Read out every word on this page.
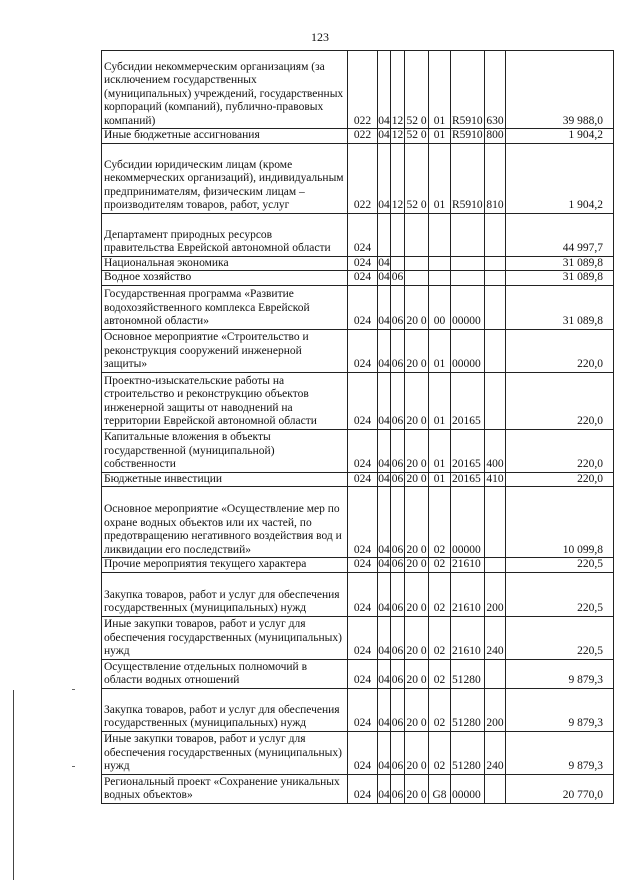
123
Субсидии некоммерческим организациям (за исключением государственных (муниципальных) учреждений, государственных корпораций (компаний), публично-правовых компаний)	022	04	12	52 0	01	R5910	630	39 988,0
Иные бюджетные ассигнования	022	04	12	52 0	01	R5910	800	1 904,2
Субсидии юридическим лицам (кроме некоммерческих организаций), индивидуальным предпринимателям, физическим лицам – производителям товаров, работ, услуг	022	04	12	52 0	01	R5910	810	1 904,2
Департамент природных ресурсов правительства Еврейской автономной области	024							44 997,7
Национальная экономика	024	04						31 089,8
Водное хозяйство	024	04	06					31 089,8
Государственная программа «Развитие водохозяйственного комплекса Еврейской автономной области»	024	04	06	20 0	00	00000		31 089,8
Основное мероприятие «Строительство и реконструкция сооружений инженерной защиты»	024	04	06	20 0	01	00000		220,0
Проектно-изыскательские работы на строительство и реконструкцию объектов инженерной защиты от наводнений на территории Еврейской автономной области	024	04	06	20 0	01	20165		220,0
Капитальные вложения в объекты государственной (муниципальной) собственности	024	04	06	20 0	01	20165	400	220,0
Бюджетные инвестиции	024	04	06	20 0	01	20165	410	220,0
Основное мероприятие «Осуществление мер по охране водных объектов или их частей, по предотвращению негативного воздействия вод и ликвидации его последствий»	024	04	06	20 0	02	00000		10 099,8
Прочие мероприятия текущего характера	024	04	06	20 0	02	21610		220,5
Закупка товаров, работ и услуг для обеспечения государственных (муниципальных) нужд	024	04	06	20 0	02	21610	200	220,5
Иные закупки товаров, работ и услуг для обеспечения государственных (муниципальных) нужд	024	04	06	20 0	02	21610	240	220,5
Осуществление отдельных полномочий в области водных отношений	024	04	06	20 0	02	51280		9 879,3
Закупка товаров, работ и услуг для обеспечения государственных (муниципальных) нужд	024	04	06	20 0	02	51280	200	9 879,3
Иные закупки товаров, работ и услуг для обеспечения государственных (муниципальных) нужд	024	04	06	20 0	02	51280	240	9 879,3
Региональный проект «Сохранение уникальных водных объектов»	024	04	06	20 0	G8	00000		20 770,0
